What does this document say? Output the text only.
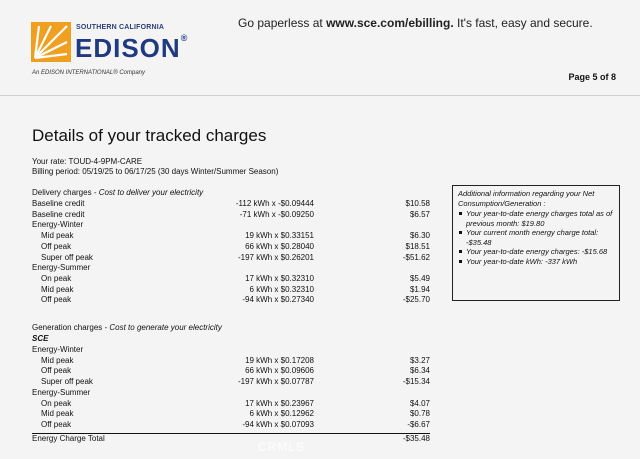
SOUTHERN CALIFORNIA
EDISON®
An EDISON INTERNATIONAL® Company
Go paperless at www.sce.com/ebilling. It's fast, easy and secure.
Page 5 of 8
Details of your tracked charges
Your rate: TOUD-4-9PM-CARE
Billing period: 05/19/25 to 06/17/25 (30 days Winter/Summer Season)
Delivery charges - Cost to deliver your electricity
Baseline credit	-112 kWh x -$0.09444	$10.58
Baseline credit	-71 kWh x -$0.09250	$6.57
Energy-Winter
Mid peak	19 kWh x $0.33151	$6.30
Off peak	66 kWh x $0.28040	$18.51
Super off peak	-197 kWh x $0.26201	-$51.62
Energy-Summer
On peak	17 kWh x $0.32310	$5.49
Mid peak	6 kWh x $0.32310	$1.94
Off peak	-94 kWh x $0.27340	-$25.70
Generation charges - Cost to generate your electricity
SCE
Energy-Winter
Mid peak	19 kWh x $0.17208	$3.27
Off peak	66 kWh x $0.09606	$6.34
Super off peak	-197 kWh x $0.07787	-$15.34
Energy-Summer
On peak	17 kWh x $0.23967	$4.07
Mid peak	6 kWh x $0.12962	$0.78
Off peak	-94 kWh x $0.07093	-$6.67
Energy Charge Total	-$35.48
Additional information regarding your Net Consumption/Generation :
Your year-to-date energy charges total as of previous month: $19.80
Your current month energy charge total: -$35.48
Your year-to-date energy charges: -$15.68
Your year-to-date kWh: -337 kWh
CRMLS
